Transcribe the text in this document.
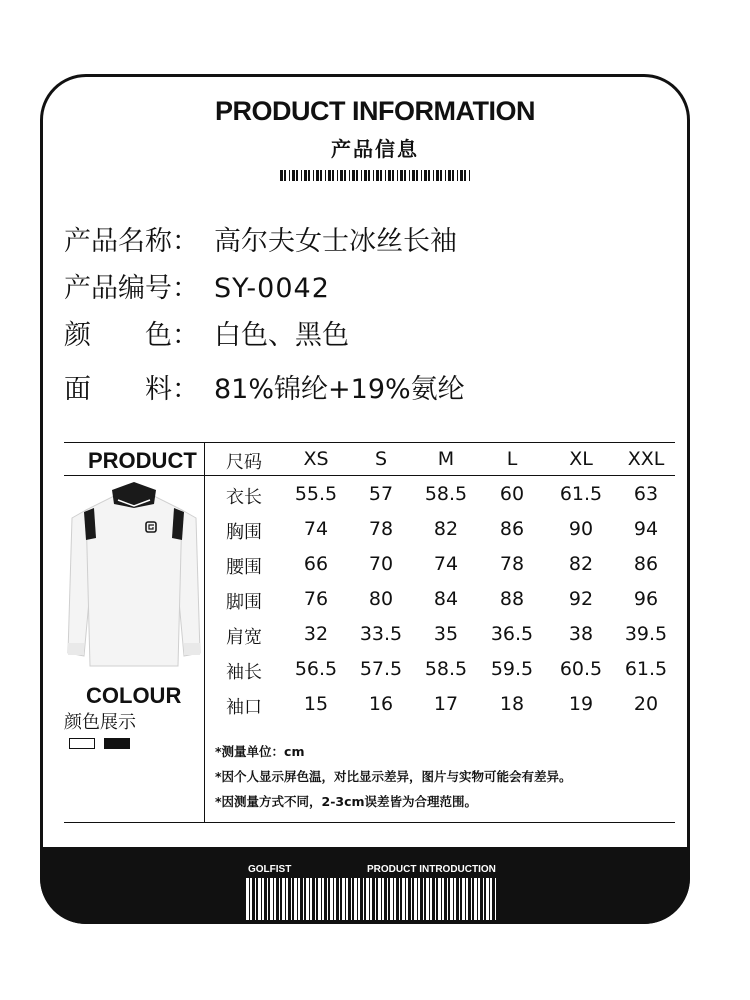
PRODUCT INFORMATION
产品信息
产品名称： 高尔夫女士冰丝长袖
产品编号： SY-0042
颜　　色： 白色、黑色
面　　料： 81%锦纶+19%氨纶
PRODUCT
COLOUR
颜色展示
*测量单位：cm
*因个人显示屏色温，对比显示差异，图片与实物可能会有差异。
*因测量方式不同，2-3cm误差皆为合理范围。
GOLFIST	PRODUCT INTRODUCTION
尺码	XS	S	M	L	XL	XXL
衣长	55.5	57	58.5	60	61.5	63
胸围	74	78	82	86	90	94
腰围	66	70	74	78	82	86
脚围	76	80	84	88	92	96
肩宽	32	33.5	35	36.5	38	39.5
袖长	56.5	57.5	58.5	59.5	60.5	61.5
袖口	15	16	17	18	19	20
